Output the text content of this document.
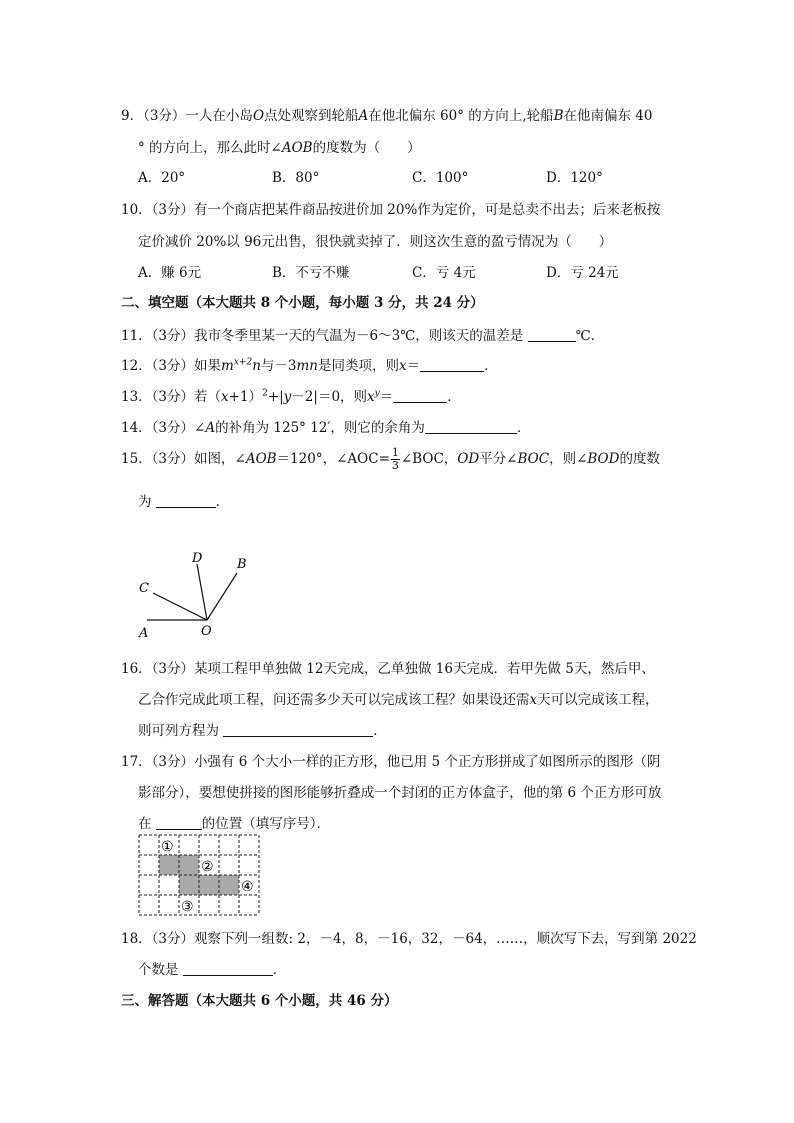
9．（3分）一人在小岛O点处观察到轮船A在他北偏东 60° 的方向上,轮船B在他南偏东 40
° 的方向上，那么此时∠AOB的度数为（　　）
A．20°	B．80°	C．100°	D．120°
10．（3分）有一个商店把某件商品按进价加 20%作为定价，可是总卖不出去；后来老板按
定价减价 20%以 96元出售，很快就卖掉了．则这次生意的盈亏情况为（　　）
A．赚 6元	B．不亏不赚	C．亏 4元	D．亏 24元
二、填空题（本大题共 8 个小题，每小题 3 分，共 24 分）
11．（3分）我市冬季里某一天的气温为－6～3℃，则该天的温差是	℃．
12．（3分）如果$m^{x+2}n$与－3mn是同类项，则x＝	．
13．（3分）若$(x+1)^2+|y-2|=0$，则$x^y=$	．
14．（3分）∠A的补角为 125° 12′，则它的余角为	．
15．（3分）如图，∠AOB＝120°，∠AOC= $\frac{1}{3}$ ∠BOC，OD平分∠BOC，则∠BOD的度数
为	．
D	B
C
A	O
16．（3分）某项工程甲单独做 12天完成，乙单独做 16天完成．若甲先做 5天，然后甲、
乙合作完成此项工程，问还需多少天可以完成该工程？如果设还需x天可以完成该工程，
则可列方程为	．
17．（3分）小强有 6 个大小一样的正方形，他已用 5 个正方形拼成了如图所示的图形（阴
影部分），要想使拼接的图形能够折叠成一个封闭的正方体盒子，他的第 6 个正方形可放
在	的位置（填写序号）．
①
②
③
④
18．（3分）观察下列一组数: 2，－4，8，－16，32，－64，……，顺次写下去，写到第 2022
个数是	．
三、解答题（本大题共 6 个小题，共 46 分）
